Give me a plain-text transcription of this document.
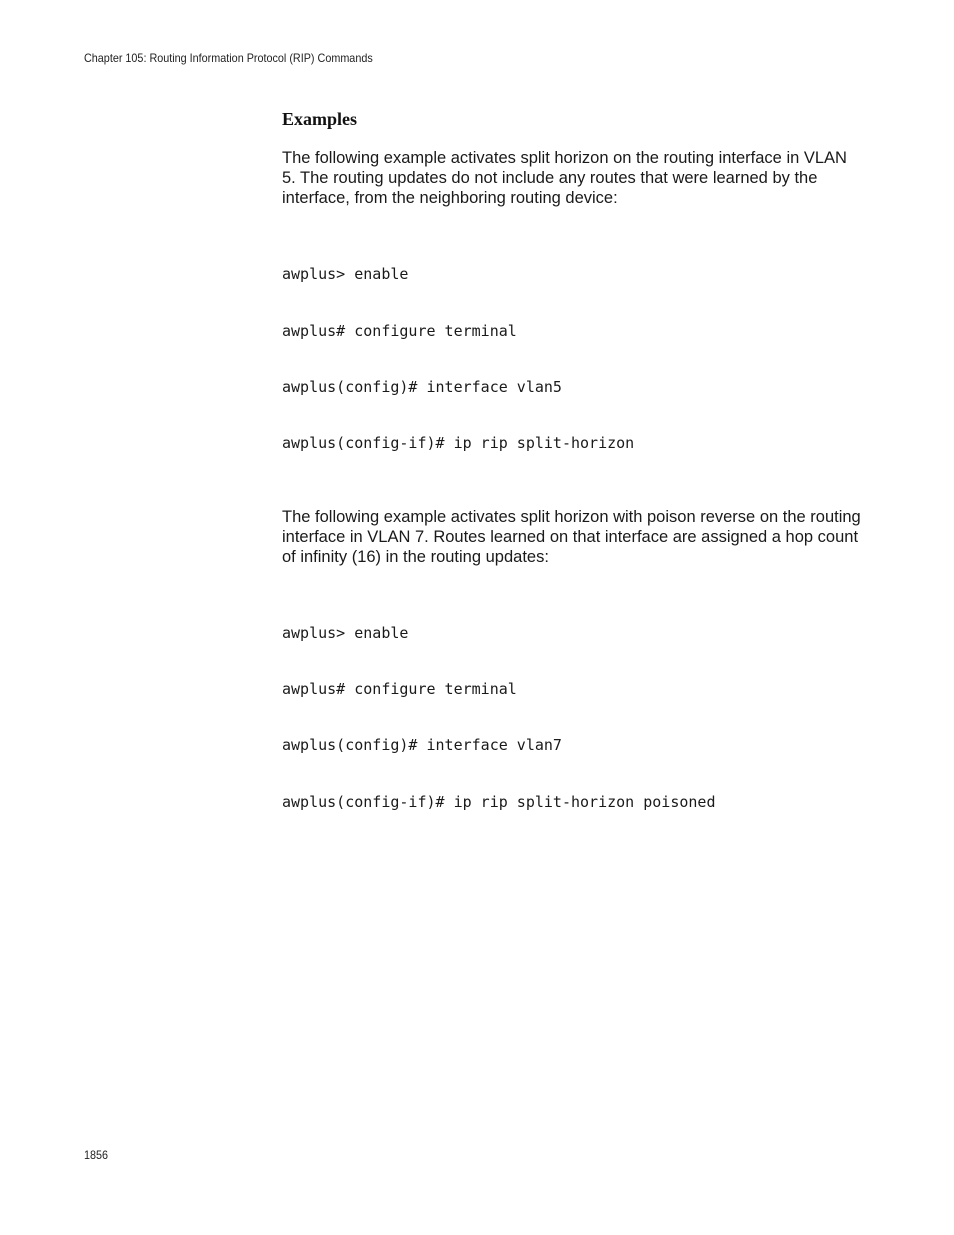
Chapter 105: Routing Information Protocol (RIP) Commands
Examples

The following example activates split horizon on the routing interface in VLAN 5. The routing updates do not include any routes that were learned by the interface, from the neighboring routing device:

awplus> enable

awplus# configure terminal

awplus(config)# interface vlan5

awplus(config-if)# ip rip split-horizon

The following example activates split horizon with poison reverse on the routing interface in VLAN 7. Routes learned on that interface are assigned a hop count of infinity (16) in the routing updates:

awplus> enable

awplus# configure terminal

awplus(config)# interface vlan7

awplus(config-if)# ip rip split-horizon poisoned

1856
